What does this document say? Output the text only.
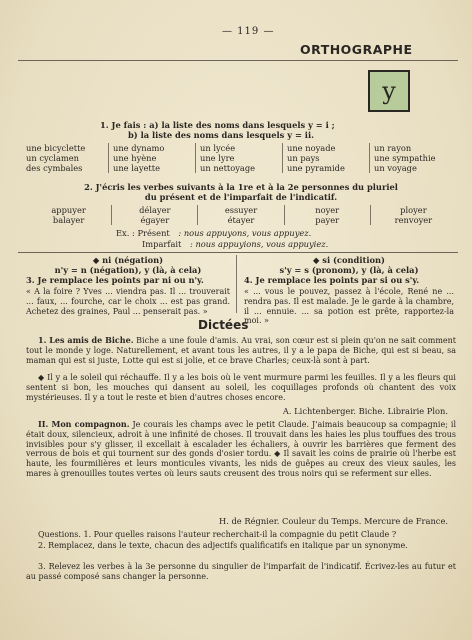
— 119 —
ORTHOGRAPHE
y
1. Je fais : a) la liste des noms dans lesquels y = i ;
b) la liste des noms dans lesquels y = ii.
une bicyclette
un cyclamen
des cymbales
une dynamo
une hyène
une layette
un lycée
une lyre
un nettoyage
une noyade
un pays
une pyramide
un rayon
une sympathie
un voyage
2. J'écris les verbes suivants à la 1re et à la 2e personnes du pluriel
du présent et de l'imparfait de l'indicatif.
appuyer
balayer
délayer
égayer
essuyer
étayer
noyer
payer
ployer
renvoyer
Ex. : Présent : nous appuyons, vous appuyez.
Imparfait : nous appuyions, vous appuyiez.
◆ ni (négation)
n'y = n (négation), y (là, à cela)
3. Je remplace les points par ni ou n'y.
« A la foire ? Yves ... viendra pas. Il ... trouverait ... faux, ... fourche, car le choix ... est pas grand. Achetez des graines, Paul ... penserait pas. »
◆ si (condition)
s'y = s (pronom), y (là, à cela)
4. Je remplace les points par si ou s'y.
« ... vous le pouvez, passez à l'école, René ne ... rendra pas. Il est malade. Je le garde à la chambre, il ... ennuie. ... sa potion est prête, rapportez-la moi. »
Dictées
1. Les amis de Biche. Biche a une foule d'amis. Au vrai, son cœur est si plein qu'on ne sait comment tout le monde y loge. Naturellement, et avant tous les autres, il y a le papa de Biche, qui est si beau, sa maman qui est si juste, Lotte qui est si jolie, et ce brave Charles; ceux-là sont à part.
◆ Il y a le soleil qui réchauffe. Il y a les bois où le vent murmure parmi les feuilles. Il y a les fleurs qui sentent si bon, les mouches qui dansent au soleil, les coquillages profonds où chantent des voix mystérieuses. Il y a tout le reste et bien d'autres choses encore.
A. Lichtenberger. Biche. Librairie Plon.
II. Mon compagnon. Je courais les champs avec le petit Claude. J'aimais beaucoup sa compagnie; il était doux, silencieux, adroit à une infinité de choses. Il trouvait dans les haies les plus touffues des trous invisibles pour s'y glisser, il excellait à escalader les échaliers, à ouvrir les barrières que ferment des verrous de bois et qui tournent sur des gonds d'osier tordu. ◆ Il savait les coins de prairie où l'herbe est haute, les fourmilières et leurs monticules vivants, les nids de guêpes au creux des vieux saules, les mares à grenouilles toutes vertes où leurs sauts creusent des trous noirs qui se referment sur elles.
H. de Régnier. Couleur du Temps. Mercure de France.
Questions. 1. Pour quelles raisons l'auteur recherchait-il la compagnie du petit Claude ?
2. Remplacez, dans le texte, chacun des adjectifs qualificatifs en italique par un synonyme.
3. Relevez les verbes à la 3e personne du singulier de l'imparfait de l'indicatif. Écrivez-les au futur et au passé composé sans changer la personne.
